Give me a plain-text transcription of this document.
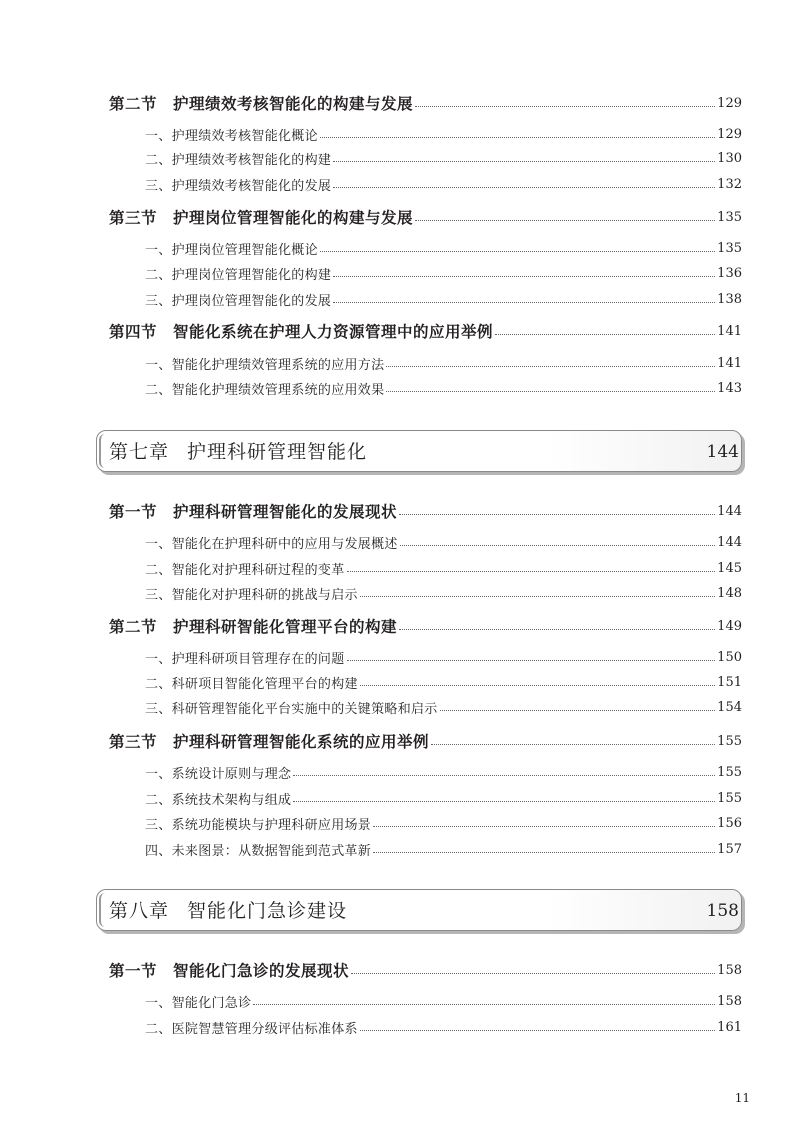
第二节 护理绩效考核智能化的构建与发展	129
一、护理绩效考核智能化概论	129
二、护理绩效考核智能化的构建	130
三、护理绩效考核智能化的发展	132
第三节 护理岗位管理智能化的构建与发展	135
一、护理岗位管理智能化概论	135
二、护理岗位管理智能化的构建	136
三、护理岗位管理智能化的发展	138
第四节 智能化系统在护理人力资源管理中的应用举例	141
一、智能化护理绩效管理系统的应用方法	141
二、智能化护理绩效管理系统的应用效果	143
第七章 护理科研管理智能化	144
第一节 护理科研管理智能化的发展现状	144
一、智能化在护理科研中的应用与发展概述	144
二、智能化对护理科研过程的变革	145
三、智能化对护理科研的挑战与启示	148
第二节 护理科研智能化管理平台的构建	149
一、护理科研项目管理存在的问题	150
二、科研项目智能化管理平台的构建	151
三、科研管理智能化平台实施中的关键策略和启示	154
第三节 护理科研管理智能化系统的应用举例	155
一、系统设计原则与理念	155
二、系统技术架构与组成	155
三、系统功能模块与护理科研应用场景	156
四、未来图景：从数据智能到范式革新	157
第八章 智能化门急诊建设	158
第一节 智能化门急诊的发展现状	158
一、智能化门急诊	158
二、医院智慧管理分级评估标准体系	161
11
